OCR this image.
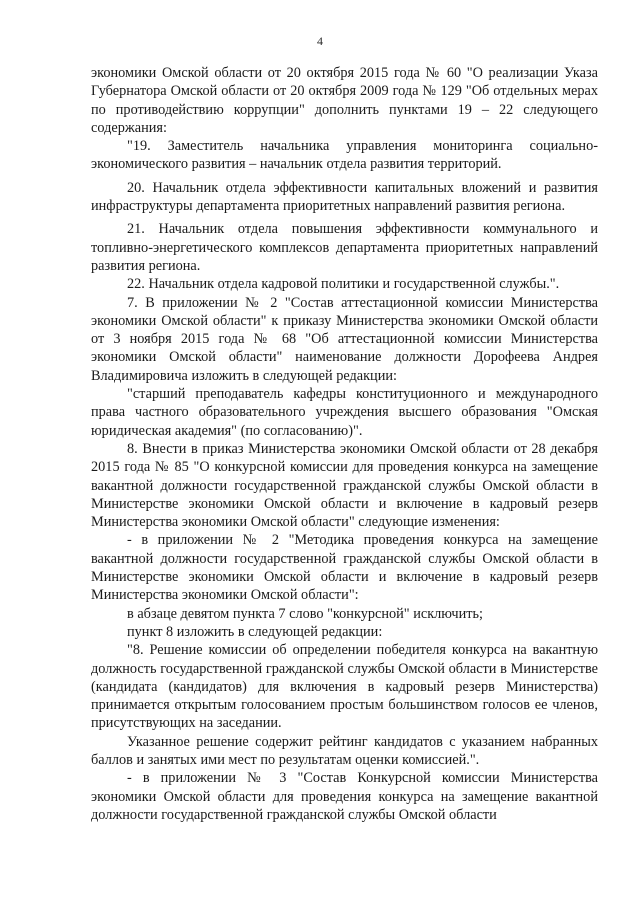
4

экономики Омской области от 20 октября 2015 года № 60 "О реализации Указа Губернатора Омской области от 20 октября 2009 года № 129 "Об отдельных мерах по противодействию коррупции" дополнить пунктами 19 – 22 следующего содержания:

"19. Заместитель начальника управления мониторинга социально-экономического развития – начальник отдела развития территорий.

20. Начальник отдела эффективности капитальных вложений и развития инфраструктуры департамента приоритетных направлений развития региона.

21. Начальник отдела повышения эффективности коммунального и топливно-энергетического комплексов департамента приоритетных направлений развития региона.

22. Начальник отдела кадровой политики и государственной службы.".

7. В приложении № 2 "Состав аттестационной комиссии Министерства экономики Омской области" к приказу Министерства экономики Омской области от 3 ноября 2015 года № 68 "Об аттестационной комиссии Министерства экономики Омской области" наименование должности Дорофеева Андрея Владимировича изложить в следующей редакции:

"старший преподаватель кафедры конституционного и международного права частного образовательного учреждения высшего образования "Омская юридическая академия" (по согласованию)".

8. Внести в приказ Министерства экономики Омской области от 28 декабря 2015 года № 85 "О конкурсной комиссии для проведения конкурса на замещение вакантной должности государственной гражданской службы Омской области в Министерстве экономики Омской области и включение в кадровый резерв Министерства экономики Омской области" следующие изменения:

- в приложении № 2 "Методика проведения конкурса на замещение вакантной должности государственной гражданской службы Омской области в Министерстве экономики Омской области и включение в кадровый резерв Министерства экономики Омской области":

в абзаце девятом пункта 7 слово "конкурсной" исключить;

пункт 8 изложить в следующей редакции:

"8. Решение комиссии об определении победителя конкурса на вакантную должность государственной гражданской службы Омской области в Министерстве (кандидата (кандидатов) для включения в кадровый резерв Министерства) принимается открытым голосованием простым большинством голосов ее членов, присутствующих на заседании.

Указанное решение содержит рейтинг кандидатов с указанием набранных баллов и занятых ими мест по результатам оценки комиссией.".

- в приложении № 3 "Состав Конкурсной комиссии Министерства экономики Омской области для проведения конкурса на замещение вакантной должности государственной гражданской службы Омской области
